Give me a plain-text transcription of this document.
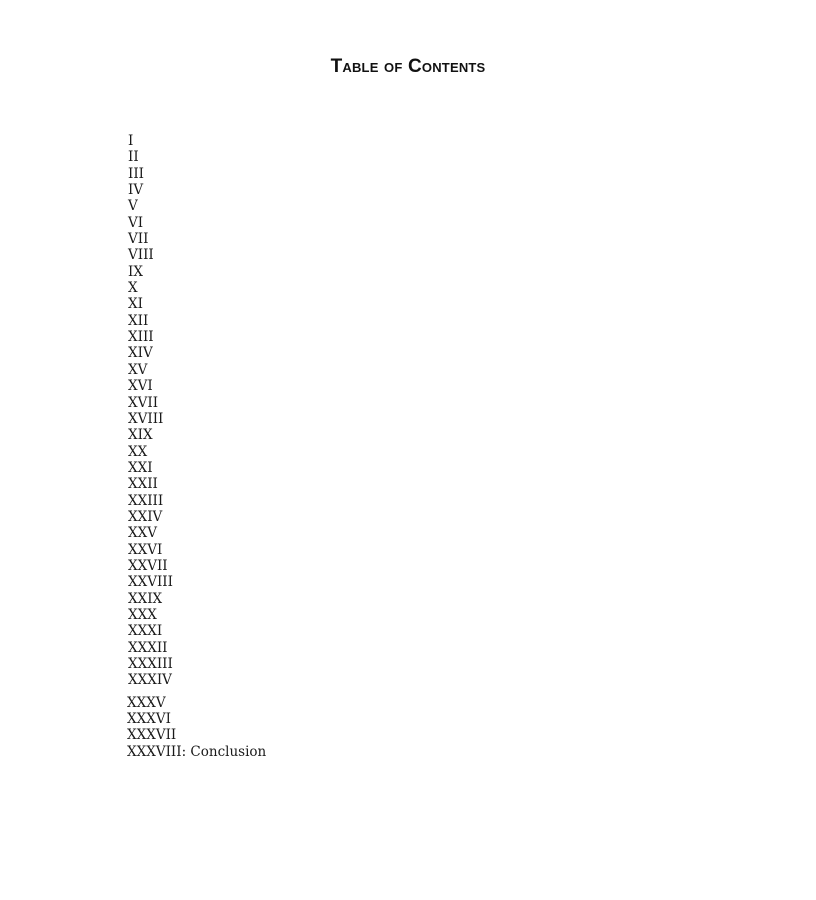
Table of Contents
I
II
III
IV
V
VI
VII
VIII
IX
X
XI
XII
XIII
XIV
XV
XVI
XVII
XVIII
XIX
XX
XXI
XXII
XXIII
XXIV
XXV
XXVI
XXVII
XXVIII
XXIX
XXX
XXXI
XXXII
XXXIII
XXXIV
XXXV
XXXVI
XXXVII
XXXVIII: Conclusion
